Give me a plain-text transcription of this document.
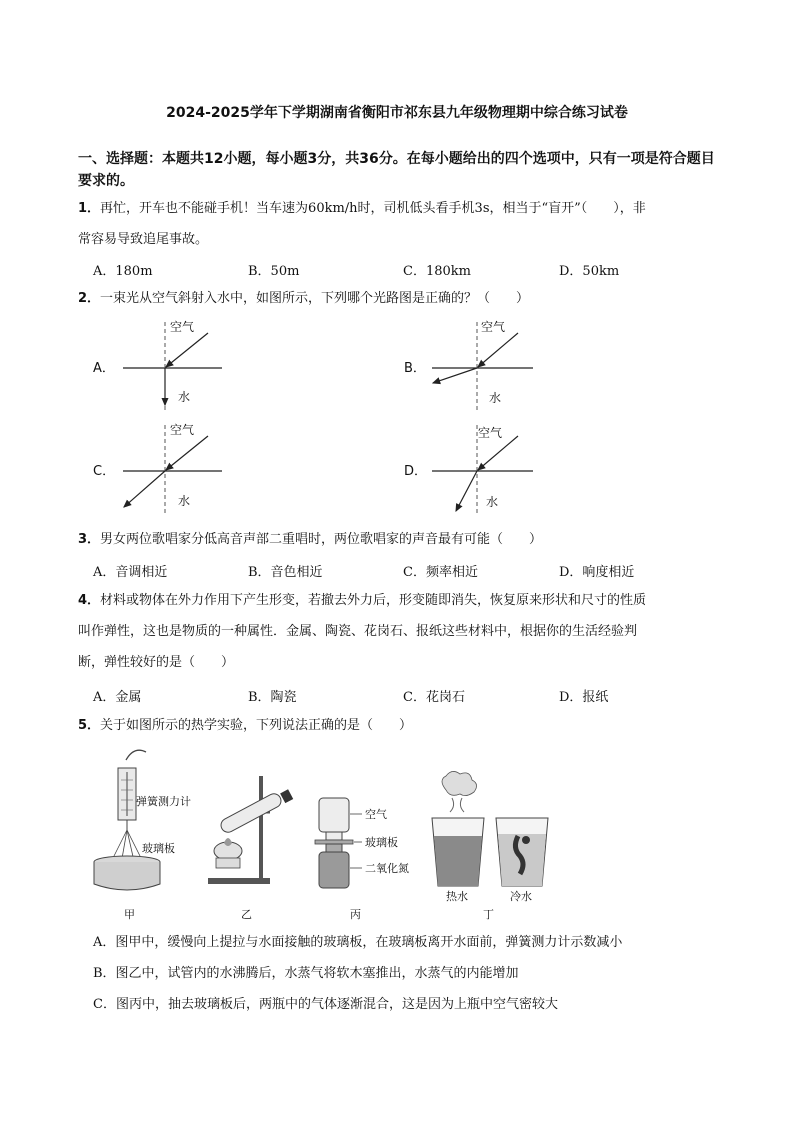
2024-2025学年下学期湖南省衡阳市祁东县九年级物理期中综合练习试卷
一、选择题：本题共12小题，每小题3分，共36分。在每小题给出的四个选项中，只有一项是符合题目要求的。
1．再忙，开车也不能碰手机！当车速为60km/h时，司机低头看手机3s，相当于“盲开”（　　），非
常容易导致追尾事故。
A．180m	B．50m	C．180km	D．50km
2．一束光从空气斜射入水中，如图所示，下列哪个光路图是正确的？（　　）
A．
空气
水
B．
空气
水
C．
空气
水
D．
空气
水
3．男女两位歌唱家分低高音声部二重唱时，两位歌唱家的声音最有可能（　　）
A．音调相近	B．音色相近	C．频率相近	D．响度相近
4．材料或物体在外力作用下产生形变，若撤去外力后，形变随即消失，恢复原来形状和尺寸的性质
叫作弹性，这也是物质的一种属性．金属、陶瓷、花岗石、报纸这些材料中，根据你的生活经验判
断，弹性较好的是（　　）
A．金属	B．陶瓷	C．花岗石	D．报纸
5．关于如图所示的热学实验，下列说法正确的是（　　）
弹簧测力计
玻璃板
甲	乙
空气
玻璃板
二氧化氮
丙
热水	冷水
丁
A．图甲中，缓慢向上提拉与水面接触的玻璃板，在玻璃板离开水面前，弹簧测力计示数减小
B．图乙中，试管内的水沸腾后，水蒸气将软木塞推出，水蒸气的内能增加
C．图丙中，抽去玻璃板后，两瓶中的气体逐渐混合，这是因为上瓶中空气密较大
